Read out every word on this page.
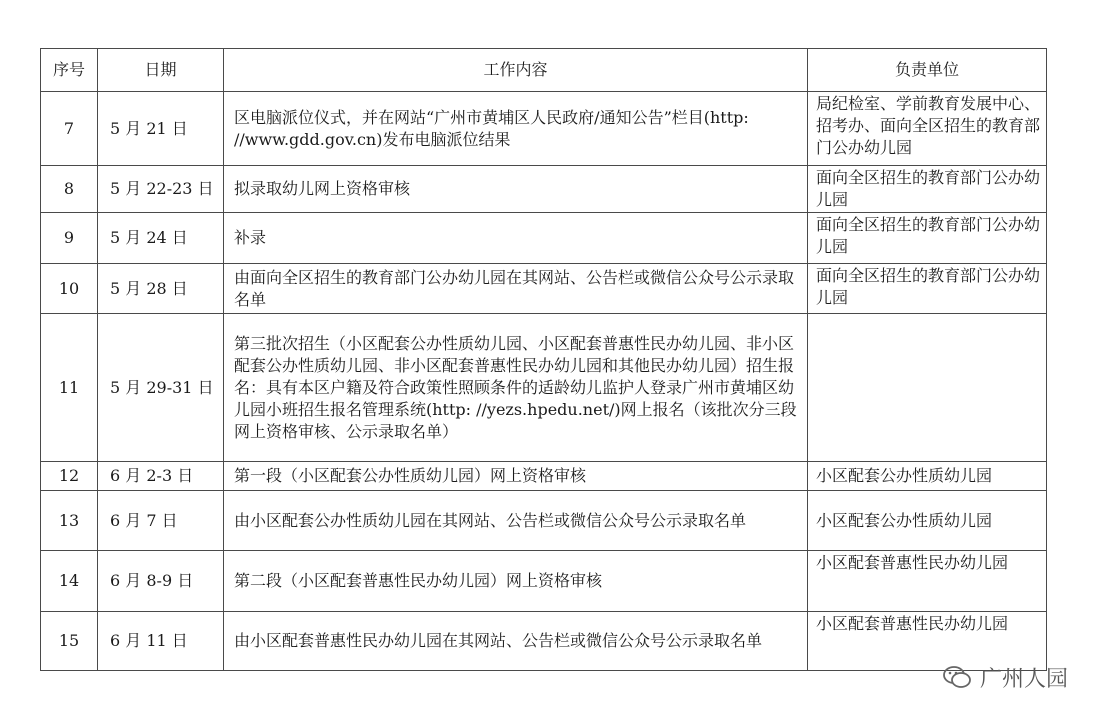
序号	日期	工作内容	负责单位
7	5 月 21 日	区电脑派位仪式，并在网站“广州市黄埔区人民政府/通知公告”栏目(http: //www.gdd.gov.cn)发布电脑派位结果	局纪检室、学前教育发展中心、招考办、面向全区招生的教育部门公办幼儿园
8	5 月 22-23 日	拟录取幼儿网上资格审核	面向全区招生的教育部门公办幼儿园
9	5 月 24 日	补录	面向全区招生的教育部门公办幼儿园
10	5 月 28 日	由面向全区招生的教育部门公办幼儿园在其网站、公告栏或微信公众号公示录取名单	面向全区招生的教育部门公办幼儿园
11	5 月 29-31 日	第三批次招生（小区配套公办性质幼儿园、小区配套普惠性民办幼儿园、非小区配套公办性质幼儿园、非小区配套普惠性民办幼儿园和其他民办幼儿园）招生报名：具有本区户籍及符合政策性照顾条件的适龄幼儿监护人登录广州市黄埔区幼儿园小班招生报名管理系统(http: //yezs.hpedu.net/)网上报名（该批次分三段网上资格审核、公示录取名单）	
12	6 月 2-3 日	第一段（小区配套公办性质幼儿园）网上资格审核	小区配套公办性质幼儿园
13	6 月 7 日	由小区配套公办性质幼儿园在其网站、公告栏或微信公众号公示录取名单	小区配套公办性质幼儿园
14	6 月 8-9 日	第二段（小区配套普惠性民办幼儿园）网上资格审核	小区配套普惠性民办幼儿园
15	6 月 11 日	由小区配套普惠性民办幼儿园在其网站、公告栏或微信公众号公示录取名单	小区配套普惠性民办幼儿园
广州人园
